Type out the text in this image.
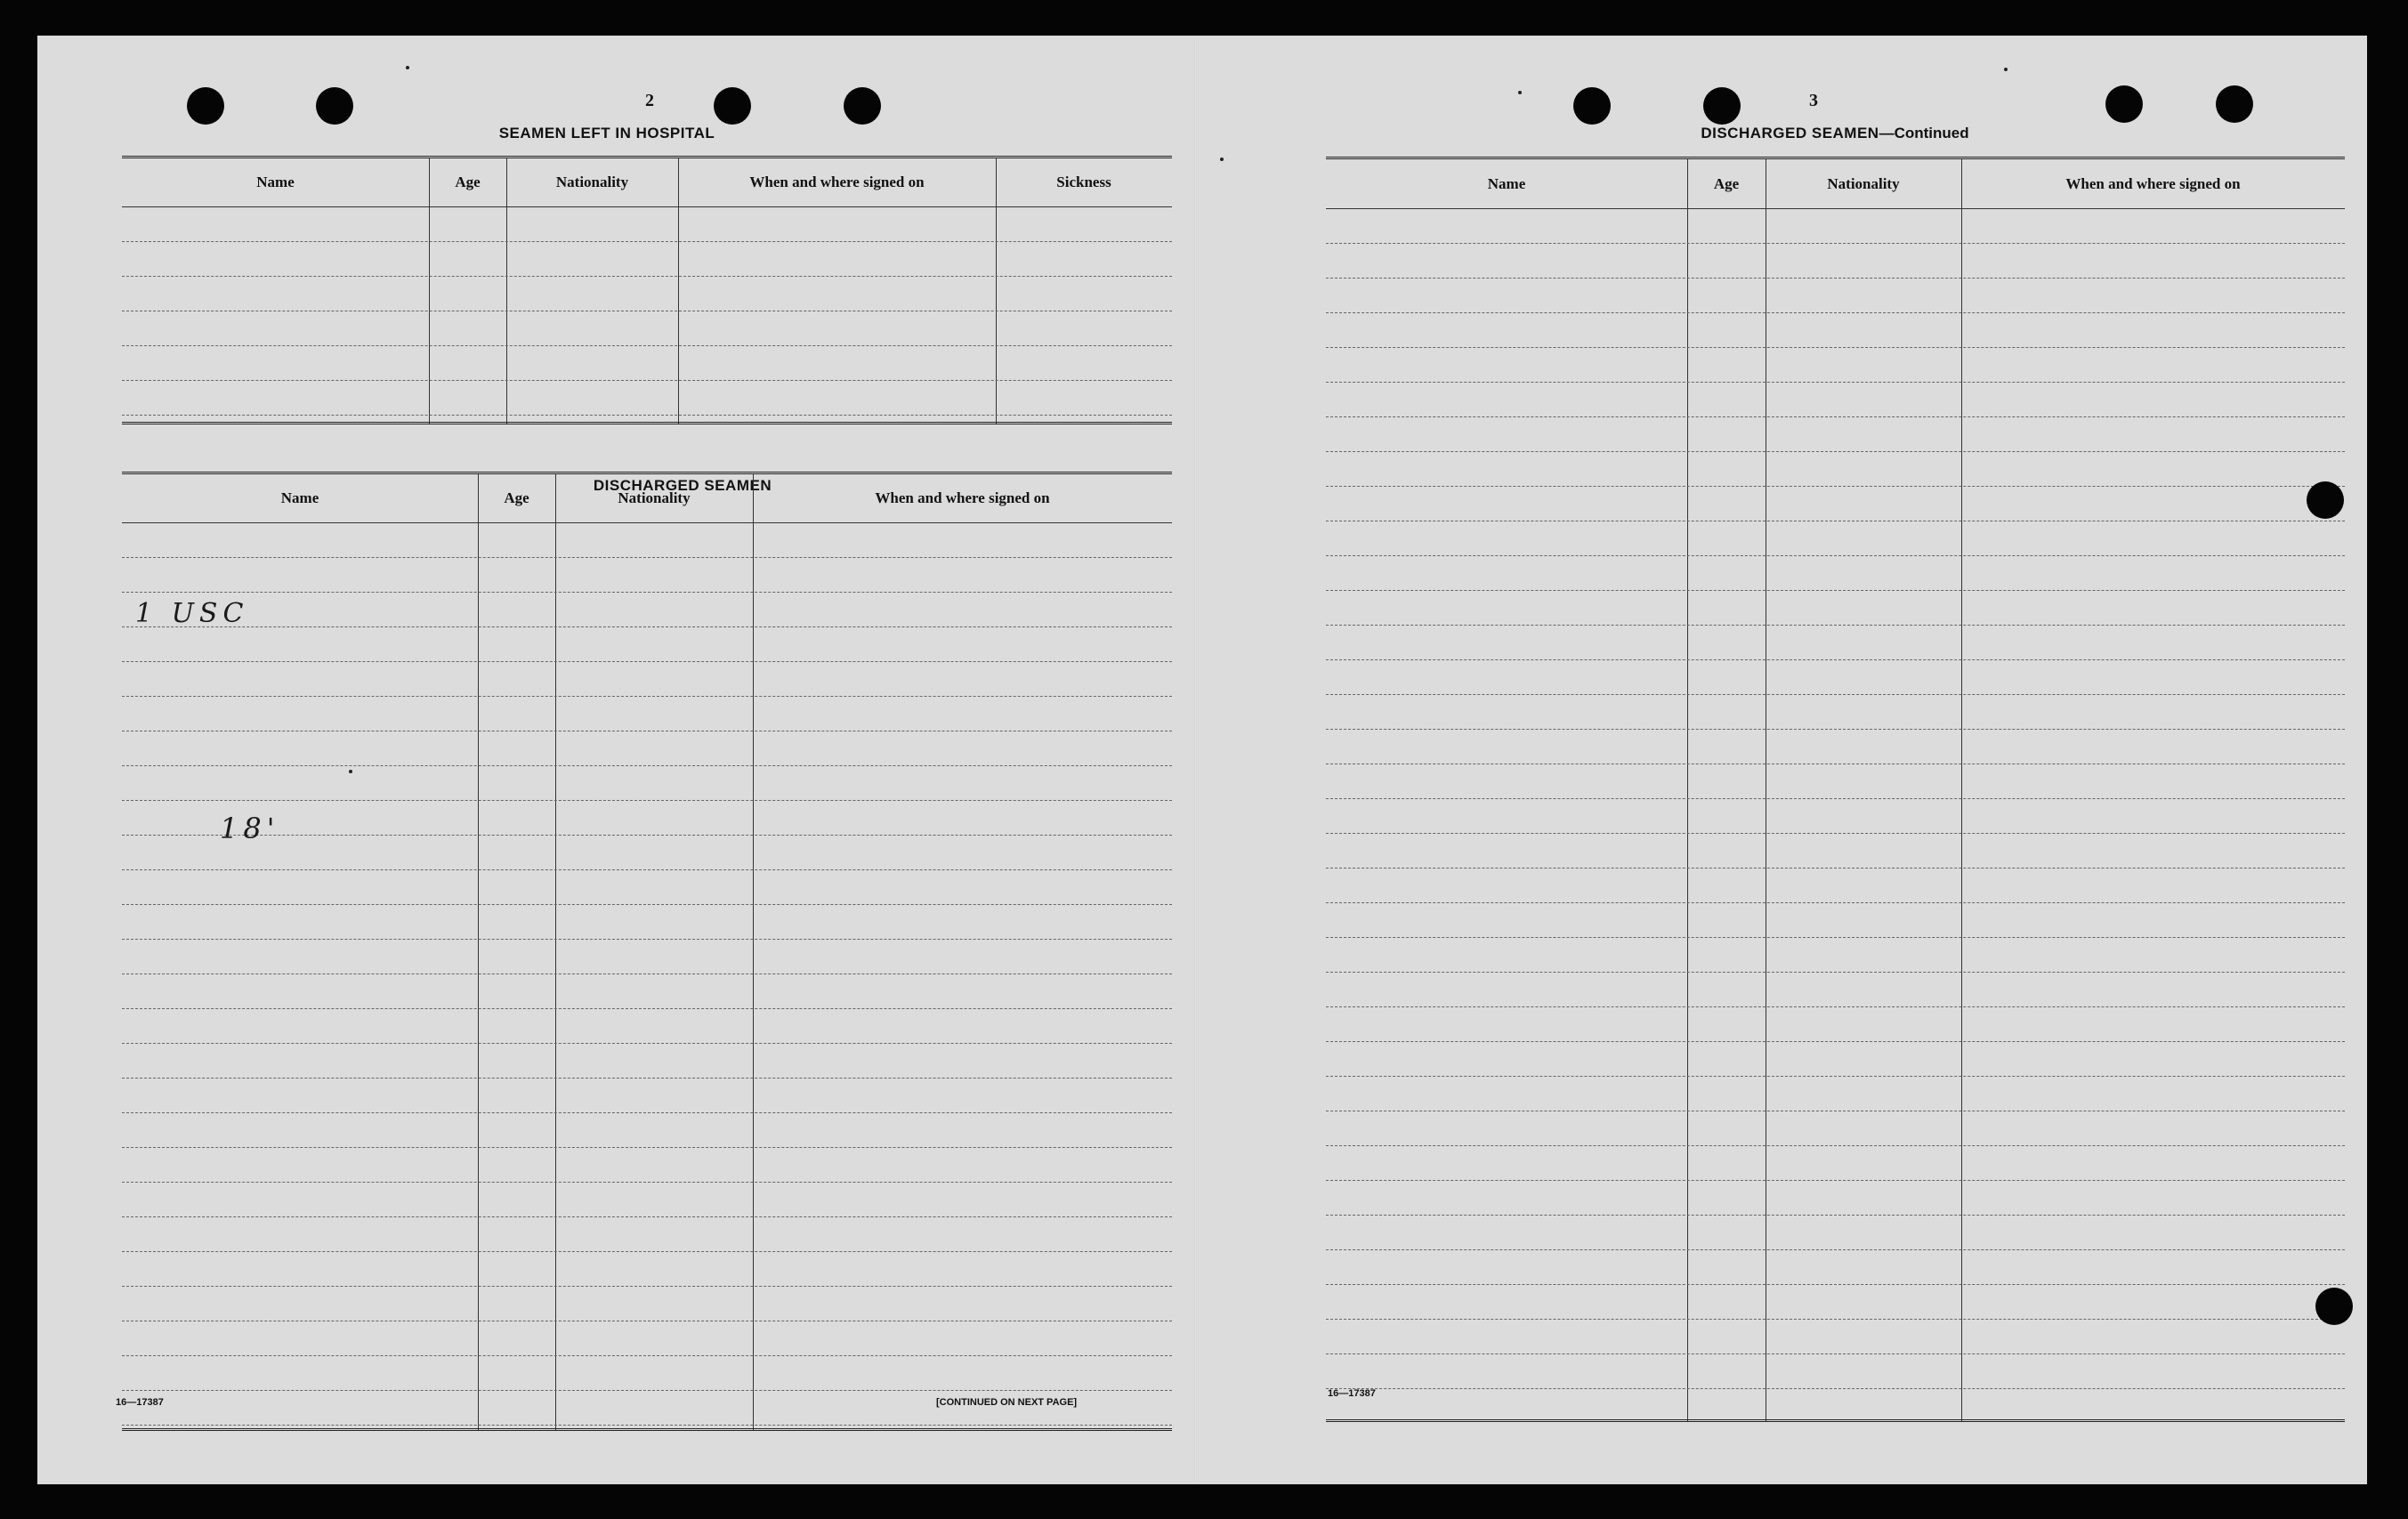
2
SEAMEN LEFT IN HOSPITAL
Name	Age	Nationality	When and where signed on	Sickness
DISCHARGED SEAMEN
Name	Age	Nationality	When and where signed on
1 USC
18'
16—17387	[CONTINUED ON NEXT PAGE]
3
DISCHARGED SEAMEN—Continued
Name	Age	Nationality	When and where signed on
16—17387
